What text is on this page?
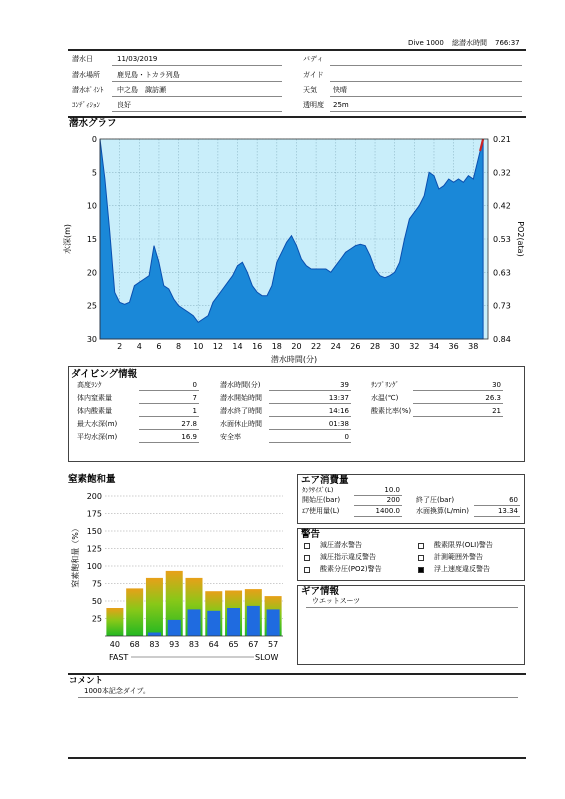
Dive 1000 総潜水時間 766:37
潜水日	11/03/2019
潜水場所 鹿児島・トカラ列島
潜水ﾎﾟｲﾝﾄ 中之島　諏訪瀬
ｺﾝﾃﾞｨｼｮﾝ 良好
バディ
ガイド
天気 快晴
透明度 25m
潜水グラフ
2 4 6 8 10 12 14 16 18 20 22 24 26 28 30 32 34 36 38
0	0.21
5	0.32
10	0.42
15	0.53
20	0.63
25	0.73
30	0.84
水深(m)	PO2(ata)
潜水時間(分)
ダイビング情報
高度ﾗﾝｸ	0
体内窒素量	7
体内酸素量	1
最大水深(m)	27.8
平均水深(m)	16.9
潜水時間(分)	39
潜水開始時間	13:37
潜水終了時間	14:16
水面休止時間	01:38
安全率	0
ｻﾝﾌﾟﾘﾝｸﾞ	30
水温(℃)	26.3
酸素比率(%)	21
窒素飽和量
窒素飽和量（%）
25
50
75
100
125
150
175
200
40 68 83 93 83 64 65 67 57
FAST	SLOW
エア消費量
ﾀﾝｸｻｲｽﾞ(L)	10.0
開始圧(bar)	200
ｴｱ使用量(L)	1400.0
終了圧(bar)	60
水面換算(L/min)	13.34
警告
減圧潜水警告	酸素限界(OLI)警告
減圧指示違反警告	計測範囲外警告
酸素分圧(PO2)警告	浮上速度違反警告
ギア情報
ウエットスーツ
コメント
1000本記念ダイブ。
